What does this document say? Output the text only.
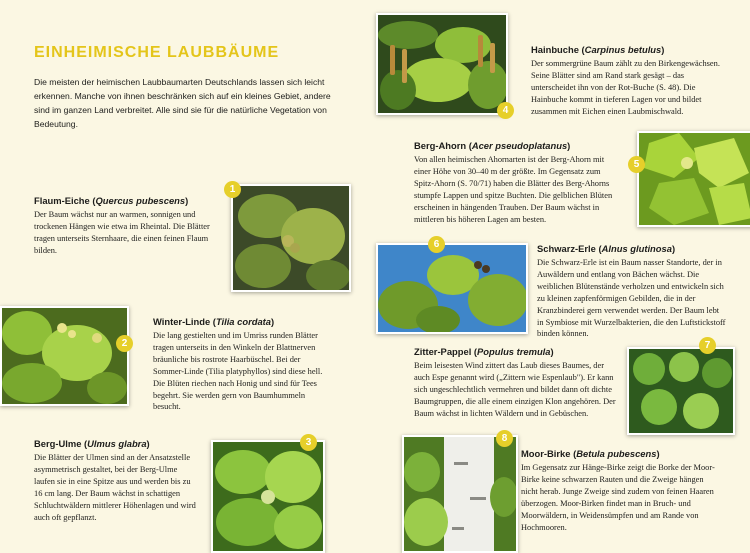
EINHEIMISCHE LAUBBÄUME

Die meisten der heimischen Laubbaumarten Deutschlands lassen sich leicht erkennen. Manche von ihnen beschränken sich auf ein kleines Gebiet, andere sind im ganzen Land verbreitet. Alle sind sie für die natürliche Vegetation von Bedeutung.

Flaum-Eiche (Quercus pubescens)

Der Baum wächst nur an warmen, sonnigen und trockenen Hängen wie etwa im Rheintal. Die Blätter tragen unterseits Sternhaare, die einen feinen Flaum bilden.

Winter-Linde (Tilia cordata)

Die lang gestielten und im Umriss runden Blätter tragen unterseits in den Winkeln der Blattnerven bräunliche bis rostrote Haarbüschel. Bei der Sommer-Linde (Tilia platyphyllos) sind diese hell. Die Blüten riechen nach Honig und sind für Tees begehrt. Sie werden gern von Baumhummeln besucht.

Berg-Ulme (Ulmus glabra)

Die Blätter der Ulmen sind an der Ansatzstelle asymmetrisch gestaltet, bei der Berg-Ulme laufen sie in eine Spitze aus und werden bis zu 16 cm lang. Der Baum wächst in schattigen Schluchtwäldern mittlerer Höhenlagen und wird auch oft gepflanzt.

Hainbuche (Carpinus betulus)

Der sommergrüne Baum zählt zu den Birkengewächsen. Seine Blätter sind am Rand stark gesägt – das unterscheidet ihn von der Rot-Buche (S. 48). Die Hainbuche kommt in tieferen Lagen vor und bildet zusammen mit Eichen einen Laubmischwald.

Berg-Ahorn (Acer pseudoplatanus)

Von allen heimischen Ahornarten ist der Berg-Ahorn mit einer Höhe von 30–40 m der größte. Im Gegensatz zum Spitz-Ahorn (S. 70/71) haben die Blätter des Berg-Ahorns stumpfe Lappen und spitze Buchten. Die gelblichen Blüten erscheinen in hängenden Trauben. Der Baum wächst in mittleren bis höheren Lagen am besten.

Schwarz-Erle (Alnus glutinosa)

Die Schwarz-Erle ist ein Baum nasser Standorte, der in Auwäldern und entlang von Bächen wächst. Die weiblichen Blütenstände verholzen und entwickeln sich zu kleinen zapfenförmigen Gebilden, die in der Kranzbinderei gern verwendet werden. Der Baum lebt in Symbiose mit Wurzelbakterien, die den Luftstickstoff binden können.

Zitter-Pappel (Populus tremula)

Beim leisesten Wind zittert das Laub dieses Baumes, der auch Espe genannt wird („Zittern wie Espenlaub"). Er kann sich ungeschlechtlich vermehren und bildet dann oft dichte Baumgruppen, die alle einem einzigen Klon angehören. Der Baum wächst in lichten Wäldern und in Gebüschen.

Moor-Birke (Betula pubescens)

Im Gegensatz zur Hänge-Birke zeigt die Borke der Moor-Birke keine schwarzen Rauten und die Zweige hängen nicht herab. Junge Zweige sind zudem von feinen Haaren überzogen. Moor-Birken findet man in Bruch- und Moorwäldern, in Weidensümpfen und am Rande von Hochmooren.

4
5
1
2
6
7
3	8
